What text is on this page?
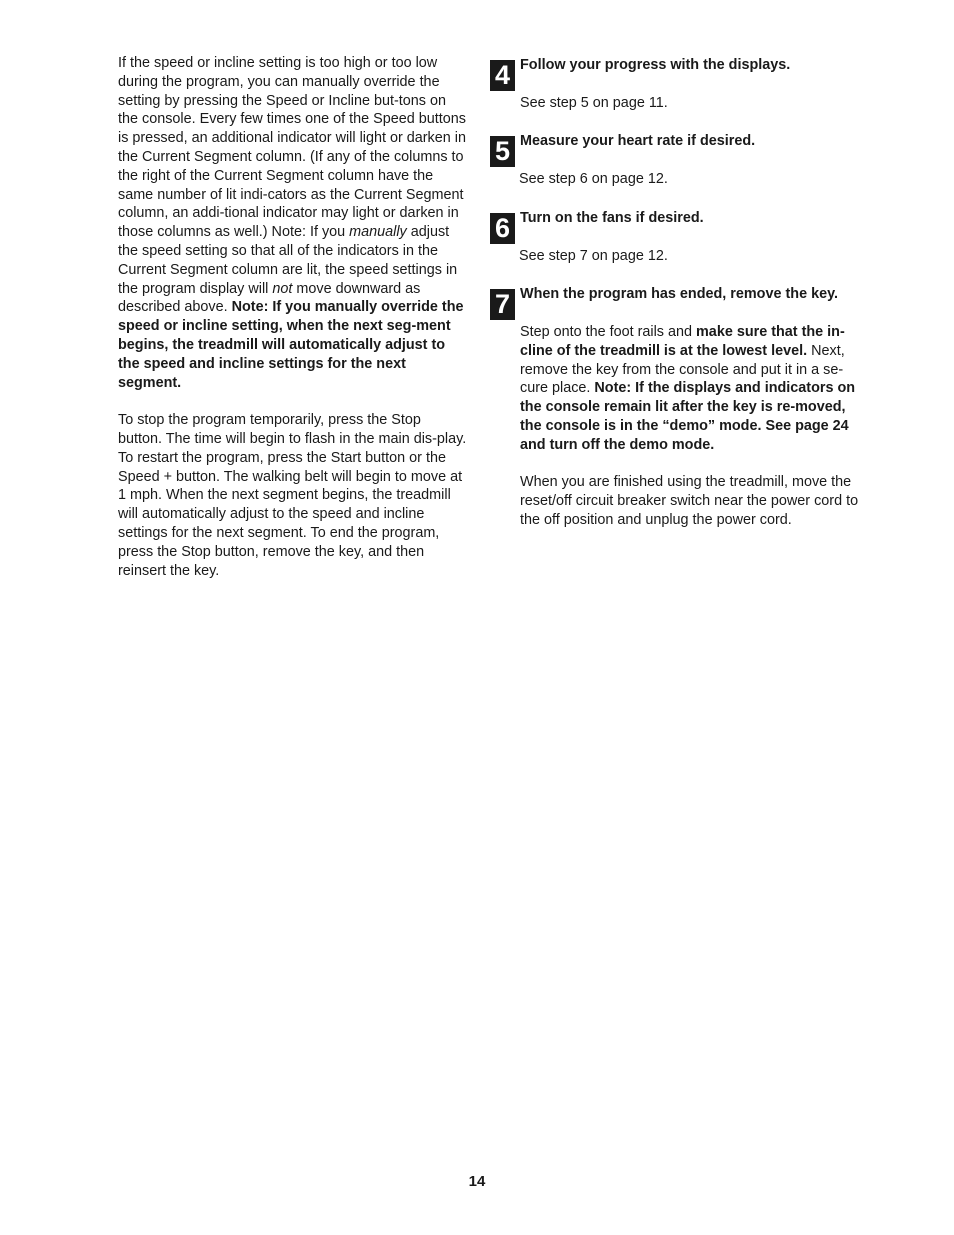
If the speed or incline setting is too high or too low during the program, you can manually override the setting by pressing the Speed or Incline but-tons on the console. Every few times one of the Speed buttons is pressed, an additional indicator will light or darken in the Current Segment column. (If any of the columns to the right of the Current Segment column have the same number of lit indi-cators as the Current Segment column, an addi-tional indicator may light or darken in those columns as well.) Note: If you manually adjust the speed setting so that all of the indicators in the Current Segment column are lit, the speed settings in the program display will not move downward as described above. Note: If you manually override the speed or incline setting, when the next seg-ment begins, the treadmill will automatically adjust to the speed and incline settings for the next segment.

To stop the program temporarily, press the Stop button. The time will begin to flash in the main dis-play. To restart the program, press the Start button or the Speed + button. The walking belt will begin to move at 1 mph. When the next segment begins, the treadmill will automatically adjust to the speed and incline settings for the next segment. To end the program, press the Stop button, remove the key, and then reinsert the key.

4 Follow your progress with the displays.

See step 5 on page 11.

5 Measure your heart rate if desired.

See step 6 on page 12.

6 Turn on the fans if desired.

See step 7 on page 12.

7 When the program has ended, remove the key.

Step onto the foot rails and make sure that the in-cline of the treadmill is at the lowest level. Next, remove the key from the console and put it in a se-cure place. Note: If the displays and indicators on the console remain lit after the key is re-moved, the console is in the “demo” mode. See page 24 and turn off the demo mode.

When you are finished using the treadmill, move the reset/off circuit breaker switch near the power cord to the off position and unplug the power cord.

14
